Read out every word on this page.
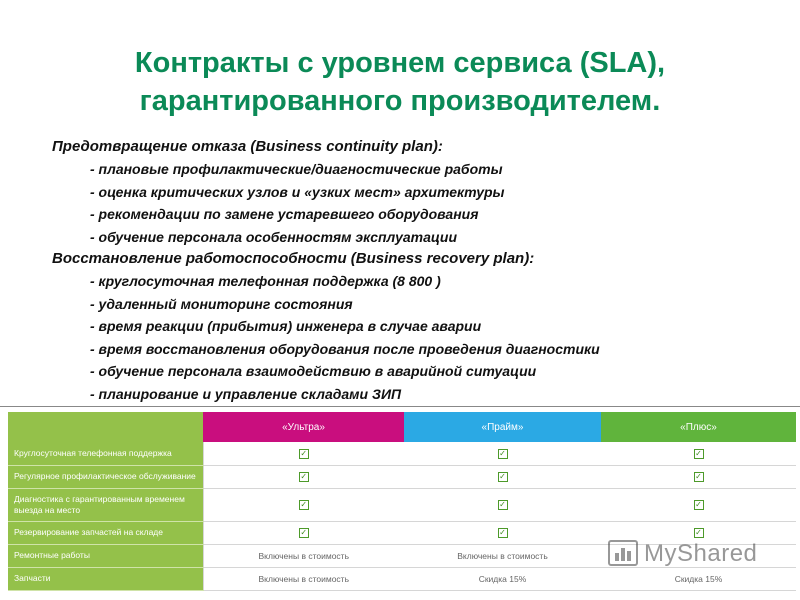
Контракты с уровнем сервиса (SLA),
гарантированного производителем.
Предотвращение отказа (Business continuity plan):
- плановые профилактические/диагностические работы
- оценка критических узлов и «узких мест» архитектуры
- рекомендации по замене устаревшего оборудования
- обучение персонала особенностям эксплуатации
Восстановление работоспособности (Business recovery plan):
- круглосуточная телефонная поддержка (8 800 )
- удаленный мониторинг состояния
- время реакции (прибытия) инженера в случае аварии
- время восстановления оборудования после проведения диагностики
- обучение персонала взаимодействию в аварийной ситуации
- планирование и управление складами ЗИП
	«Ультра»	«Прайм»	«Плюс»
Круглосуточная телефонная поддержка	✓	✓	✓
Регулярное профилактическое обслуживание	✓	✓	✓
Диагностика с гарантированным временем выезда на место	✓	✓	✓
Резервирование запчастей на складе	✓	✓	✓
Ремонтные работы	Включены в стоимость	Включены в стоимость	
Запчасти	Включены в стоимость	Скидка 15%	Скидка 15%
MyShared
